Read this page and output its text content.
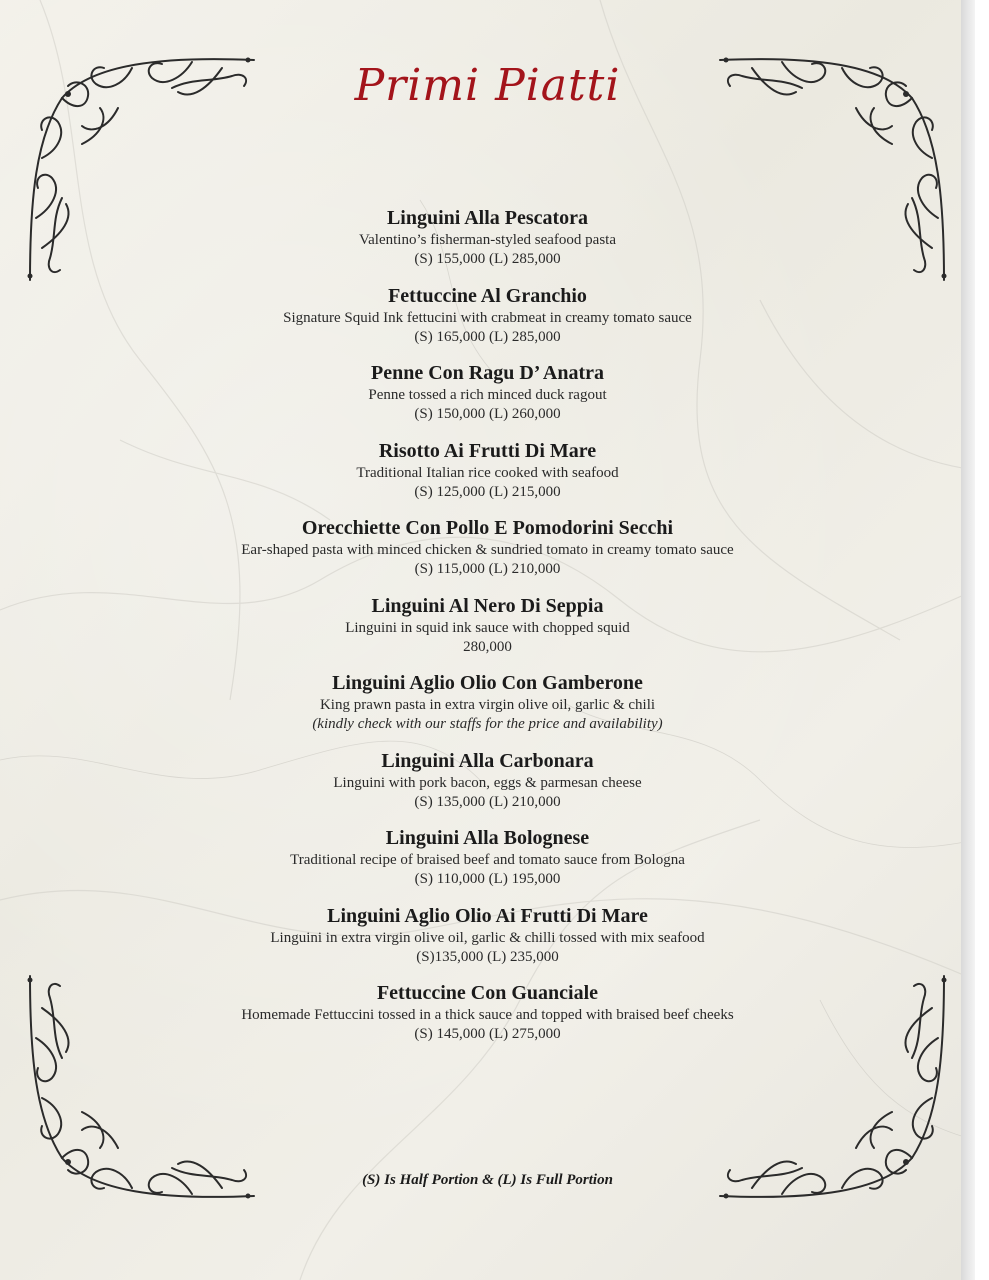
Primi Piatti
Linguini Alla Pescatora
Valentino’s fisherman-styled seafood pasta
(S) 155,000 (L) 285,000
Fettuccine Al Granchio
Signature Squid Ink fettucini with crabmeat in creamy tomato sauce
(S) 165,000 (L) 285,000
Penne Con Ragu D’ Anatra
Penne tossed a rich minced duck ragout
(S) 150,000 (L) 260,000
Risotto Ai Frutti Di Mare
Traditional Italian rice cooked with seafood
(S) 125,000 (L) 215,000
Orecchiette Con Pollo E Pomodorini Secchi
Ear-shaped pasta with minced chicken & sundried tomato in creamy tomato sauce
(S) 115,000 (L) 210,000
Linguini Al Nero Di Seppia
Linguini in squid ink sauce with chopped squid
280,000
Linguini Aglio Olio Con Gamberone
King prawn pasta in extra virgin olive oil, garlic & chili
(kindly check with our staffs for the price and availability)
Linguini Alla Carbonara
Linguini with pork bacon, eggs & parmesan cheese
(S) 135,000 (L) 210,000
Linguini Alla Bolognese
Traditional recipe of braised beef and tomato sauce from Bologna
(S) 110,000 (L) 195,000
Linguini Aglio Olio Ai Frutti Di Mare
Linguini in extra virgin olive oil, garlic & chilli tossed with mix seafood
(S)135,000 (L) 235,000
Fettuccine Con Guanciale
Homemade Fettuccini tossed in a thick sauce and topped with braised beef cheeks
(S) 145,000 (L) 275,000
(S) Is Half Portion & (L) Is Full Portion
